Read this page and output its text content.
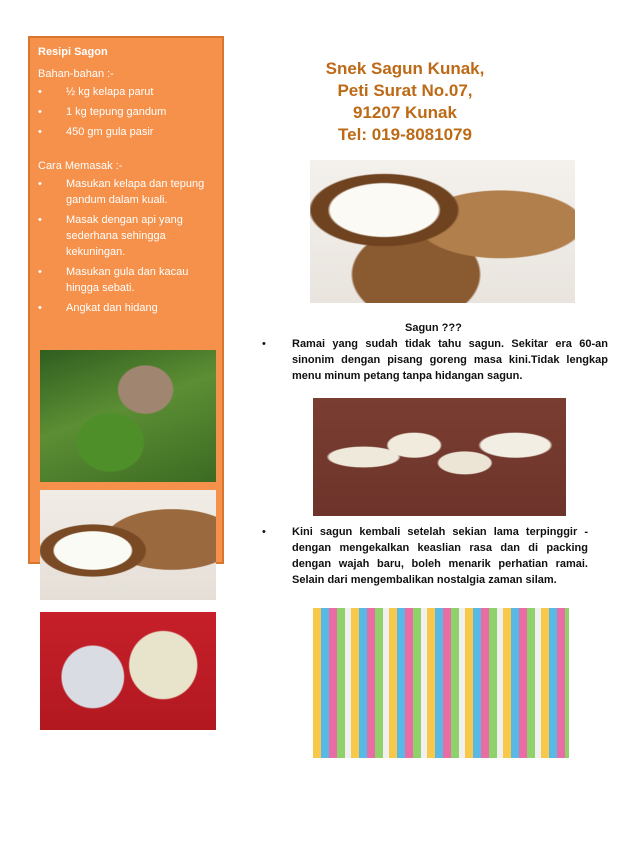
Resipi Sagon

Bahan-bahan :-

• ½ kg kelapa parut
• 1 kg tepung gandum
• 450 gm gula pasir

Cara Memasak :-

• Masukan kelapa dan tepung gandum dalam kuali.
• Masak dengan api yang sederhana sehingga kekuningan.
• Masukan gula dan kacau hingga sebati.
• Angkat dan hidang
Snek Sagun Kunak,
Peti Surat No.07,
91207 Kunak
Tel: 019-8081079
Sagun ???
• Ramai yang sudah tidak tahu sagun. Sekitar era 60-an sinonim dengan pisang goreng masa kini.Tidak lengkap menu minum petang tanpa hidangan sagun.
• Kini sagun kembali setelah sekian lama terpinggir - dengan mengekalkan keaslian rasa dan di packing dengan wajah baru, boleh menarik perhatian ramai. Selain dari mengembalikan nostalgia zaman silam.
